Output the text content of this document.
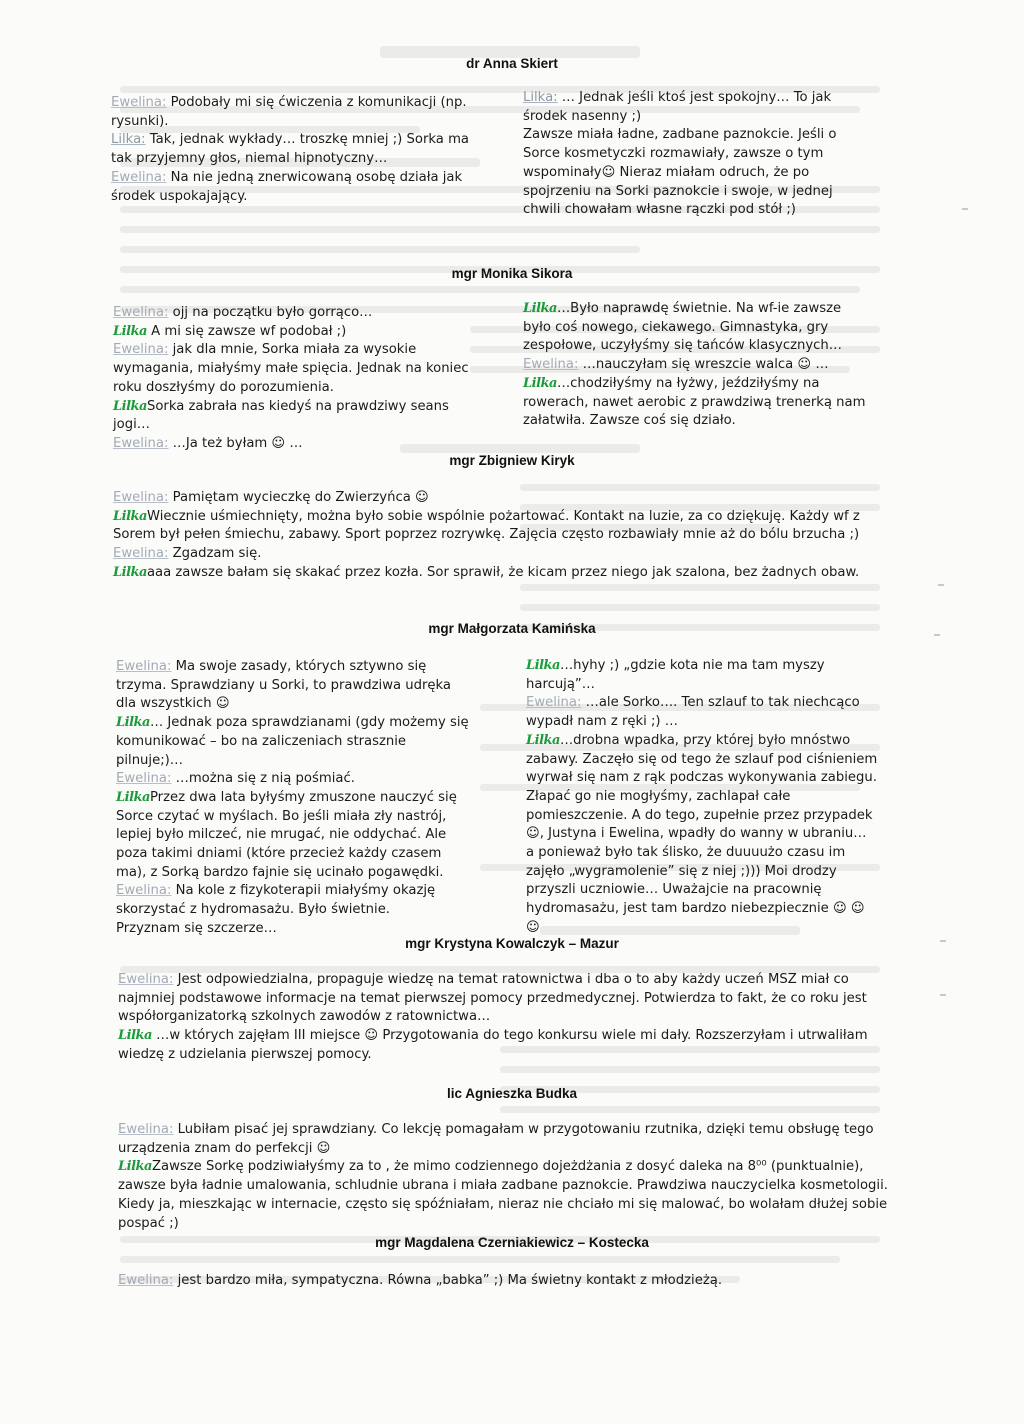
dr Anna Skiert

Ewelina: Podobały mi się ćwiczenia z komunikacji (np. rysunki).

Lilka: Tak, jednak wykłady… troszkę mniej ;) Sorka ma tak przyjemny głos, niemal hipnotyczny…

Ewelina: Na nie jedną znerwicowaną osobę działa jak środek uspokajający.

Lilka: … Jednak jeśli ktoś jest spokojny… To jak środek nasenny ;)

Zawsze miała ładne, zadbane paznokcie. Jeśli o Sorce kosmetyczki rozmawiały, zawsze o tym wspominały☺ Nieraz miałam odruch, że po spojrzeniu na Sorki paznokcie i swoje, w jednej chwili chowałam własne rączki pod stół ;)

mgr Monika Sikora

Ewelina: ojj na początku było gorrąco…

Lilka A mi się zawsze wf podobał ;)

Ewelina: jak dla mnie, Sorka miała za wysokie wymagania, miałyśmy małe spięcia. Jednak na koniec roku doszłyśmy do porozumienia.

LilkaSorka zabrała nas kiedyś na prawdziwy seans jogi…

Ewelina: …Ja też byłam ☺ …

Lilka…Było naprawdę świetnie. Na wf-ie zawsze było coś nowego, ciekawego. Gimnastyka, gry zespołowe, uczyłyśmy się tańców klasycznych…

Ewelina: …nauczyłam się wreszcie walca ☺ …

Lilka…chodziłyśmy na łyżwy, jeździłyśmy na rowerach, nawet aerobic z prawdziwą trenerką nam załatwiła. Zawsze coś się działo.

mgr Zbigniew Kiryk

Ewelina: Pamiętam wycieczkę do Zwierzyńca ☺

LilkaWiecznie uśmiechnięty, można było sobie wspólnie pożartować. Kontakt na luzie, za co dziękuję. Każdy wf z Sorem był pełen śmiechu, zabawy. Sport poprzez rozrywkę. Zajęcia często rozbawiały mnie aż do bólu brzucha ;)

Ewelina: Zgadzam się.

Lilkaaaa zawsze bałam się skakać przez kozła. Sor sprawił, że kicam przez niego jak szalona, bez żadnych obaw.

mgr Małgorzata Kamińska

Ewelina: Ma swoje zasady, których sztywno się trzyma. Sprawdziany u Sorki, to prawdziwa udręka dla wszystkich ☺

Lilka… Jednak poza sprawdzianami (gdy możemy się komunikować – bo na zaliczeniach strasznie pilnuje;)…

Ewelina: …można się z nią pośmiać.

LilkaPrzez dwa lata byłyśmy zmuszone nauczyć się Sorce czytać w myślach. Bo jeśli miała zły nastrój, lepiej było milczeć, nie mrugać, nie oddychać. Ale poza takimi dniami (które przecież każdy czasem ma), z Sorką bardzo fajnie się ucinało pogawędki.

Ewelina: Na kole z fizykoterapii miałyśmy okazję skorzystać z hydromasażu. Było świetnie.

Przyznam się szczerze…

Lilka…hyhy ;) „gdzie kota nie ma tam myszy harcują”…

Ewelina: …ale Sorko…. Ten szlauf to tak niechcąco wypadł nam z ręki ;) …

Lilka…drobna wpadka, przy której było mnóstwo zabawy. Zaczęło się od tego że szlauf pod ciśnieniem wyrwał się nam z rąk podczas wykonywania zabiegu. Złapać go nie mogłyśmy, zachlapał całe pomieszczenie. A do tego, zupełnie przez przypadek☺, Justyna i Ewelina, wpadły do wanny w ubraniu… a ponieważ było tak ślisko, że duuuużo czasu im zajęło „wygramolenie” się z niej ;))) Moi drodzy przyszli uczniowie… Uważajcie na pracownię hydromasażu, jest tam bardzo niebezpiecznie ☺ ☺ ☺

mgr Krystyna Kowalczyk – Mazur

Ewelina: Jest odpowiedzialna, propaguje wiedzę na temat ratownictwa i dba o to aby każdy uczeń MSZ miał co najmniej podstawowe informacje na temat pierwszej pomocy przedmedycznej. Potwierdza to fakt, że co roku jest współorganizatorką szkolnych zawodów z ratownictwa…

Lilka …w których zajęłam III miejsce ☺ Przygotowania do tego konkursu wiele mi dały. Rozszerzyłam i utrwaliłam wiedzę z udzielania pierwszej pomocy.

lic Agnieszka Budka

Ewelina: Lubiłam pisać jej sprawdziany. Co lekcję pomagałam w przygotowaniu rzutnika, dzięki temu obsługę tego urządzenia znam do perfekcji ☺

LilkaZawsze Sorkę podziwiałyśmy za to , że mimo codziennego dojeżdżania z dosyć daleka na 8⁰⁰ (punktualnie), zawsze była ładnie umalowania, schludnie ubrana i miała zadbane paznokcie. Prawdziwa nauczycielka kosmetologii. Kiedy ja, mieszkając w internacie, często się spóźniałam, nieraz nie chciało mi się malować, bo wolałam dłużej sobie pospać ;)

mgr Magdalena Czerniakiewicz – Kostecka

Ewelina: jest bardzo miła, sympatyczna. Równa „babka” ;) Ma świetny kontakt z młodzieżą.
